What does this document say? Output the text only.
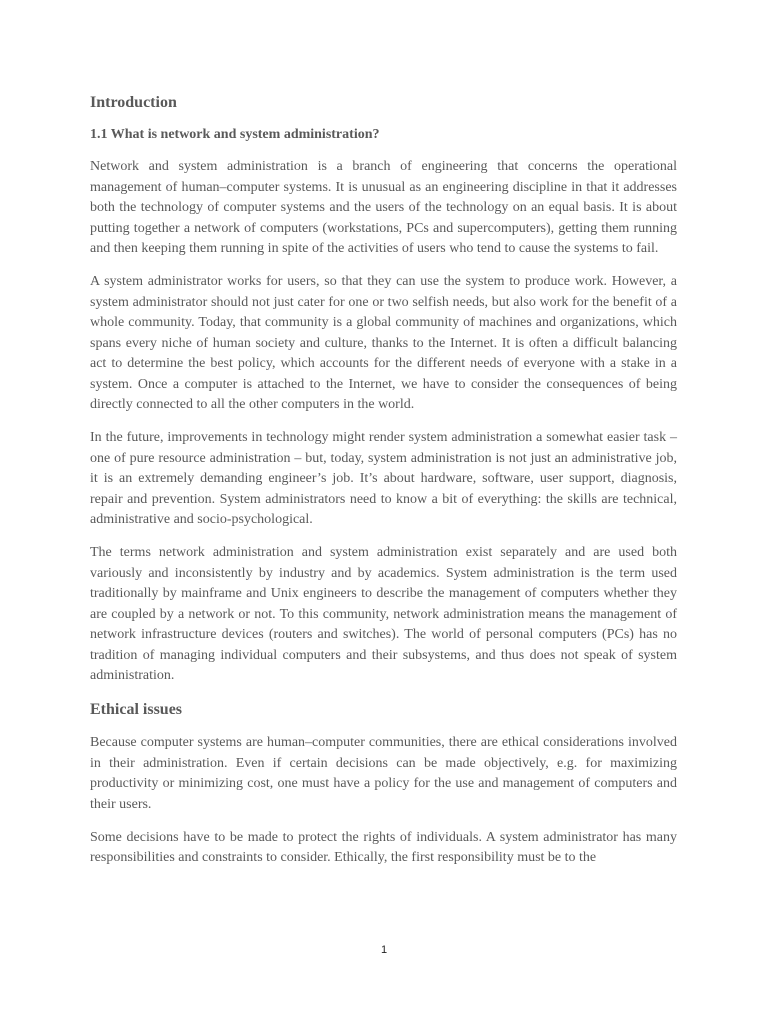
Introduction
1.1 What is network and system administration?

Network and system administration is a branch of engineering that concerns the operational management of human–computer systems. It is unusual as an engineering discipline in that it addresses both the technology of computer systems and the users of the technology on an equal basis. It is about putting together a network of computers (workstations, PCs and supercomputers), getting them running and then keeping them running in spite of the activities of users who tend to cause the systems to fail.

A system administrator works for users, so that they can use the system to produce work. However, a system administrator should not just cater for one or two selfish needs, but also work for the benefit of a whole community. Today, that community is a global community of machines and organizations, which spans every niche of human society and culture, thanks to the Internet. It is often a difficult balancing act to determine the best policy, which accounts for the different needs of everyone with a stake in a system. Once a computer is attached to the Internet, we have to consider the consequences of being directly connected to all the other computers in the world.

In the future, improvements in technology might render system administration a somewhat easier task – one of pure resource administration – but, today, system administration is not just an administrative job, it is an extremely demanding engineer’s job. It’s about hardware, software, user support, diagnosis, repair and prevention. System administrators need to know a bit of everything: the skills are technical, administrative and socio-psychological.

The terms network administration and system administration exist separately and are used both variously and inconsistently by industry and by academics. System administration is the term used traditionally by mainframe and Unix engineers to describe the management of computers whether they are coupled by a network or not. To this community, network administration means the management of network infrastructure devices (routers and switches). The world of personal computers (PCs) has no tradition of managing individual computers and their subsystems, and thus does not speak of system administration.

Ethical issues

Because computer systems are human–computer communities, there are ethical considerations involved in their administration. Even if certain decisions can be made objectively, e.g. for maximizing productivity or minimizing cost, one must have a policy for the use and management of computers and their users.

Some decisions have to be made to protect the rights of individuals. A system administrator has many responsibilities and constraints to consider. Ethically, the first responsibility must be to the

1
